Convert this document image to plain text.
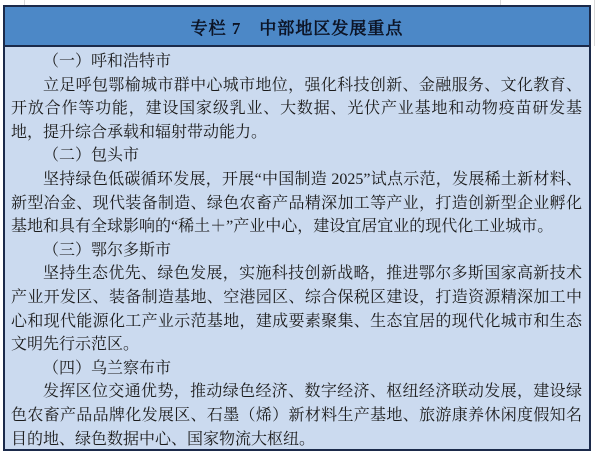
专栏 7　中部地区发展重点

（一）呼和浩特市

立足呼包鄂榆城市群中心城市地位，强化科技创新、金融服务、文化教育、开放合作等功能，建设国家级乳业、大数据、光伏产业基地和动物疫苗研发基地，提升综合承载和辐射带动能力。

（二）包头市

坚持绿色低碳循环发展，开展“中国制造 2025”试点示范，发展稀土新材料、新型冶金、现代装备制造、绿色农畜产品精深加工等产业，打造创新型企业孵化基地和具有全球影响的“稀土＋”产业中心，建设宜居宜业的现代化工业城市。

（三）鄂尔多斯市

坚持生态优先、绿色发展，实施科技创新战略，推进鄂尔多斯国家高新技术产业开发区、装备制造基地、空港园区、综合保税区建设，打造资源精深加工中心和现代能源化工产业示范基地，建成要素聚集、生态宜居的现代化城市和生态文明先行示范区。

（四）乌兰察布市

发挥区位交通优势，推动绿色经济、数字经济、枢纽经济联动发展，建设绿色农畜产品品牌化发展区、石墨（烯）新材料生产基地、旅游康养休闲度假知名目的地、绿色数据中心、国家物流大枢纽。
